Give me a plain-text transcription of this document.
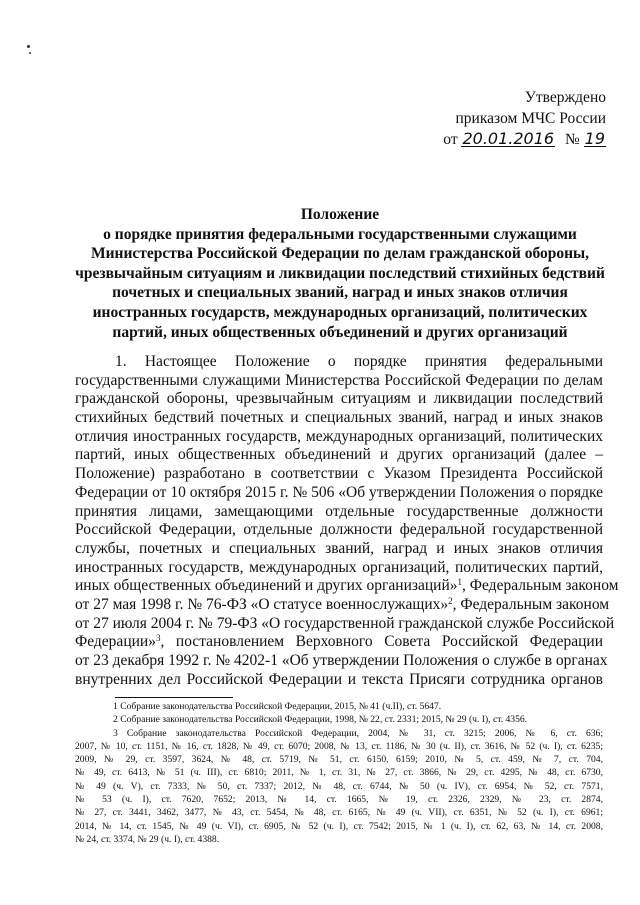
Утверждено
приказом МЧС России
от 20.01.2016 № 19
Положение
о порядке принятия федеральными государственными служащими
Министерства Российской Федерации по делам гражданской обороны,
чрезвычайным ситуациям и ликвидации последствий стихийных бедствий
почетных и специальных званий, наград и иных знаков отличия
иностранных государств, международных организаций, политических
партий, иных общественных объединений и других организаций
1. Настоящее Положение о порядке принятия федеральными
государственными служащими Министерства Российской Федерации по делам
гражданской обороны, чрезвычайным ситуациям и ликвидации последствий
стихийных бедствий почетных и специальных званий, наград и иных знаков
отличия иностранных государств, международных организаций, политических
партий, иных общественных объединений и других организаций (далее –
Положение) разработано в соответствии с Указом Президента Российской
Федерации от 10 октября 2015 г. № 506 «Об утверждении Положения о порядке
принятия лицами, замещающими отдельные государственные должности
Российской Федерации, отдельные должности федеральной государственной
службы, почетных и специальных званий, наград и иных знаков отличия
иностранных государств, международных организаций, политических партий,
иных общественных объединений и других организаций»$^1$, Федеральным законом
от 27 мая 1998 г. № 76-ФЗ «О статусе военнослужащих»$^2$, Федеральным законом
от 27 июля 2004 г. № 79-ФЗ «О государственной гражданской службе Российской
Федерации»$^3$, постановлением Верховного Совета Российской Федерации
от 23 декабря 1992 г. № 4202-1 «Об утверждении Положения о службе в органах
внутренних дел Российской Федерации и текста Присяги сотрудника органов
1 Собрание законодательства Российской Федерации, 2015, № 41 (ч.II), ст. 5647.
2 Собрание законодательства Российской Федерации, 1998, № 22, ст. 2331; 2015, № 29 (ч. I), ст. 4356.
3 Собрание законодательства Российской Федерации, 2004, № 31, ст. 3215; 2006, № 6, ст. 636;
2007, № 10, ст. 1151, № 16, ст. 1828, № 49, ст. 6070; 2008, № 13, ст. 1186, № 30 (ч. II), ст. 3616, № 52 (ч. I), ст. 6235;
2009, № 29, ст. 3597, 3624, № 48, ст. 5719, № 51, ст. 6150, 6159; 2010, № 5, ст. 459, № 7, ст. 704,
№ 49, ст. 6413, № 51 (ч. III), ст. 6810; 2011, № 1, ст. 31, № 27, ст. 3866, № 29, ст. 4295, № 48, ст. 6730,
№ 49 (ч. V), ст. 7333, № 50, ст. 7337; 2012, № 48, ст. 6744, № 50 (ч. IV), ст. 6954, № 52, ст. 7571,
№ 53 (ч. I), ст. 7620, 7652; 2013, № 14, ст. 1665, № 19, ст. 2326, 2329, № 23, ст. 2874,
№ 27, ст. 3441, 3462, 3477, № 43, ст. 5454, № 48, ст. 6165, № 49 (ч. VII), ст. 6351, № 52 (ч. I), ст. 6961;
2014, № 14, ст. 1545, № 49 (ч. VI), ст. 6905, № 52 (ч. I), ст. 7542; 2015, № 1 (ч. I), ст. 62, 63, № 14, ст. 2008,
№ 24, ст. 3374, № 29 (ч. I), ст. 4388.
